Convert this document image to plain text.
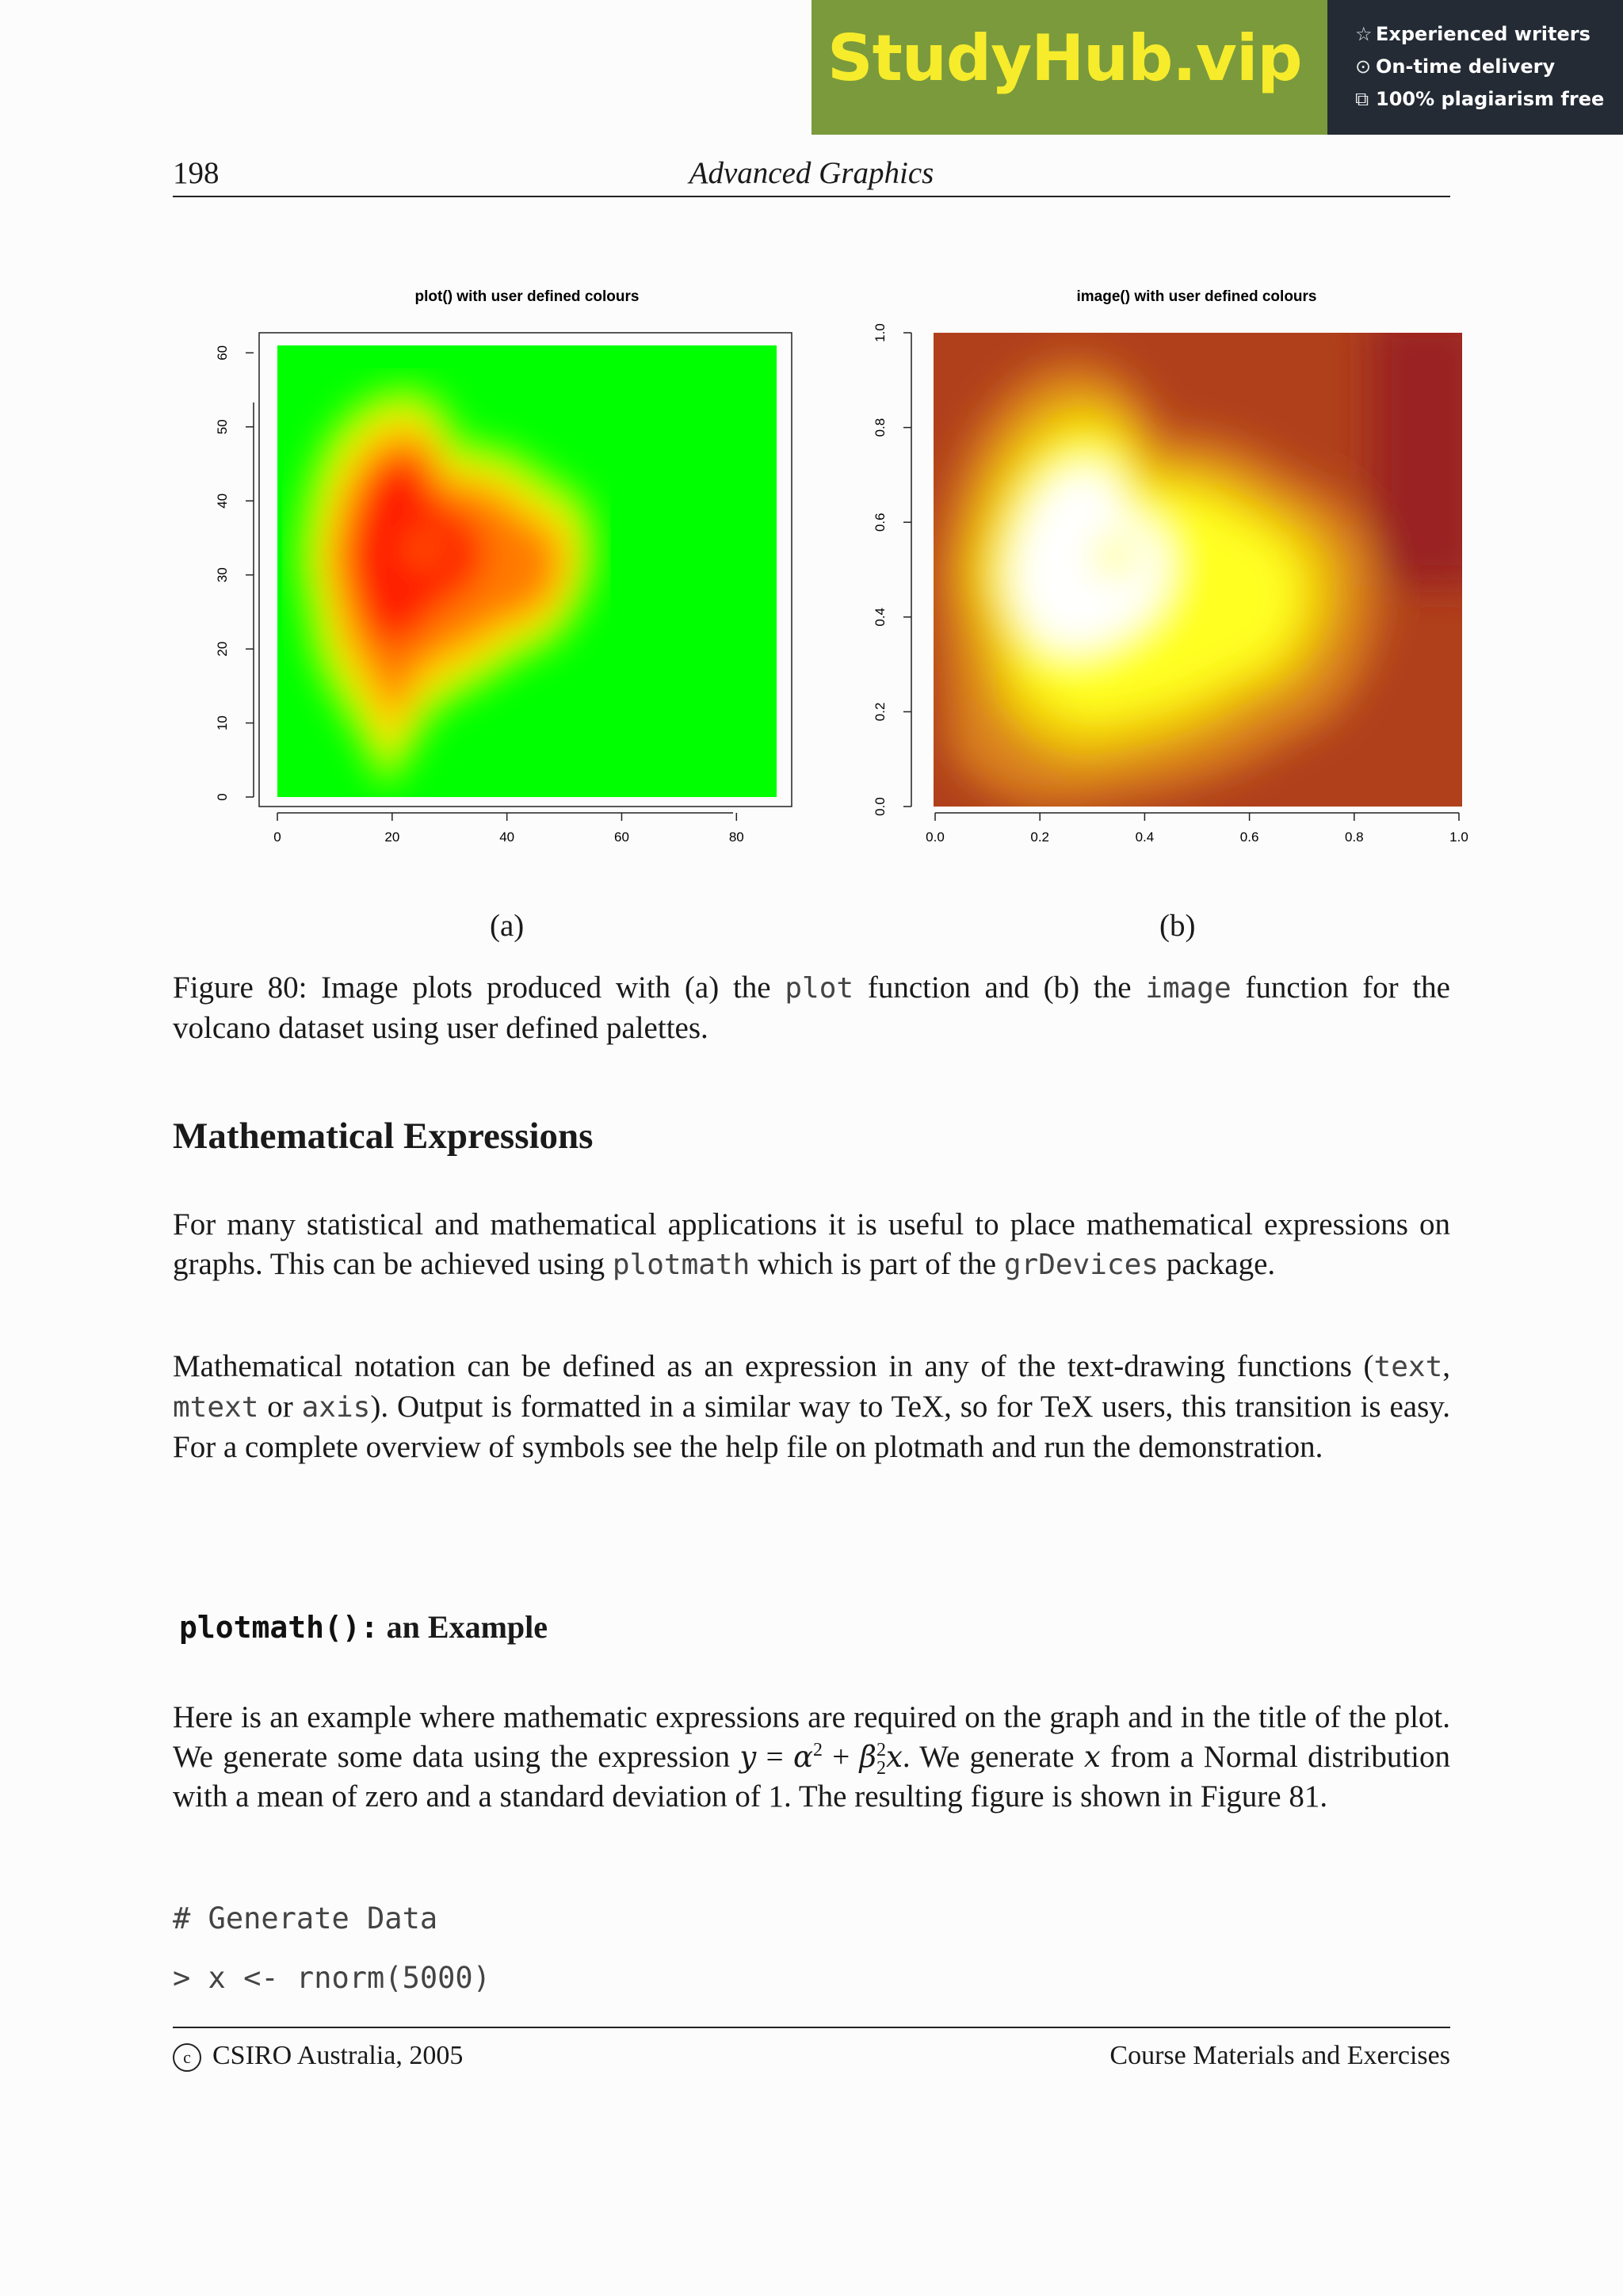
StudyHub.vip	☆ Experienced writers
⊙ On-time delivery
⧉ 100% plagiarism free
198	Advanced Graphics
plot() with user defined colours
0
10
20
30
40
50
60
0	20	40	60	80
image() with user defined colours
0.0
0.2
0.4
0.6
0.8
1.0
0.0	0.2	0.4	0.6	0.8	1.0
(a)	(b)
Figure 80: Image plots produced with (a) the plot function and (b) the image function for the volcano dataset using user defined palettes.
Mathematical Expressions
For many statistical and mathematical applications it is useful to place mathematical expressions on graphs. This can be achieved using plotmath which is part of the grDevices package.
Mathematical notation can be defined as an expression in any of the text-drawing functions (text, mtext or axis). Output is formatted in a similar way to TeX, so for TeX users, this transition is easy. For a complete overview of symbols see the help file on plotmath and run the demonstration.
plotmath(): an Example
Here is an example where mathematic expressions are required on the graph and in the title of the plot. We generate some data using the expression $y = \alpha^2 + \beta^2_2x$. We generate x from a Normal distribution with a mean of zero and a standard deviation of 1. The resulting figure is shown in Figure 81.
# Generate Data
> x <- rnorm(5000)
c CSIRO Australia, 2005	Course Materials and Exercises
